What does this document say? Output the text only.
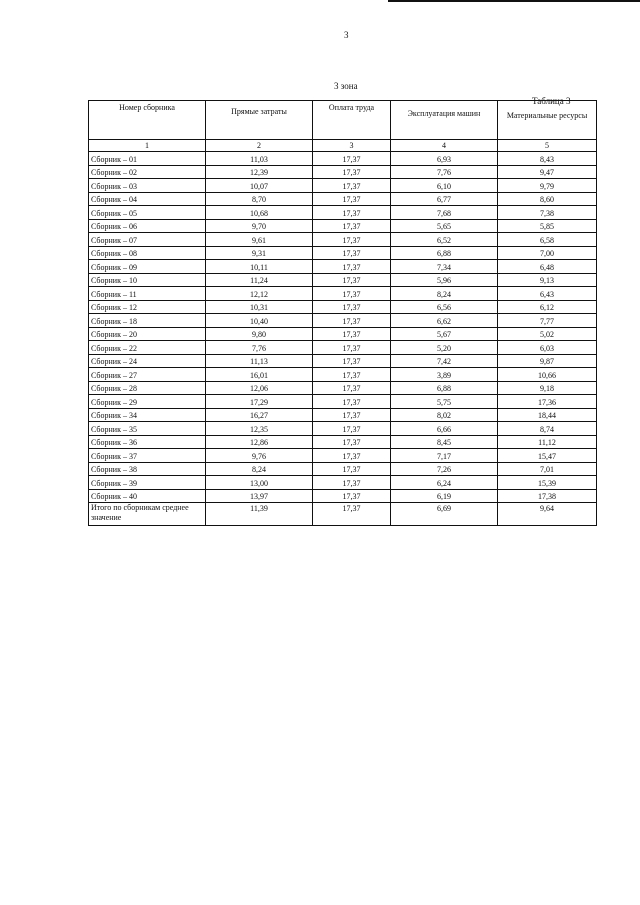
3
3 зона
Таблица 3
Номер сборника	Прямые затраты	Оплата труда	Эксплуатация машин	Материальные ресурсы
1	2	3	4	5
Сборник – 01	11,03	17,37	6,93	8,43
Сборник – 02	12,39	17,37	7,76	9,47
Сборник – 03	10,07	17,37	6,10	9,79
Сборник – 04	8,70	17,37	6,77	8,60
Сборник – 05	10,68	17,37	7,68	7,38
Сборник – 06	9,70	17,37	5,65	5,85
Сборник – 07	9,61	17,37	6,52	6,58
Сборник – 08	9,31	17,37	6,88	7,00
Сборник – 09	10,11	17,37	7,34	6,48
Сборник – 10	11,24	17,37	5,96	9,13
Сборник – 11	12,12	17,37	8,24	6,43
Сборник – 12	10,31	17,37	6,56	6,12
Сборник – 18	10,40	17,37	6,62	7,77
Сборник – 20	9,80	17,37	5,67	5,02
Сборник – 22	7,76	17,37	5,20	6,03
Сборник – 24	11,13	17,37	7,42	9,87
Сборник – 27	16,01	17,37	3,89	10,66
Сборник – 28	12,06	17,37	6,88	9,18
Сборник – 29	17,29	17,37	5,75	17,36
Сборник – 34	16,27	17,37	8,02	18,44
Сборник – 35	12,35	17,37	6,66	8,74
Сборник – 36	12,86	17,37	8,45	11,12
Сборник – 37	9,76	17,37	7,17	15,47
Сборник – 38	8,24	17,37	7,26	7,01
Сборник – 39	13,00	17,37	6,24	15,39
Сборник – 40	13,97	17,37	6,19	17,38
Итого по сборникам среднее значение	11,39	17,37	6,69	9,64
